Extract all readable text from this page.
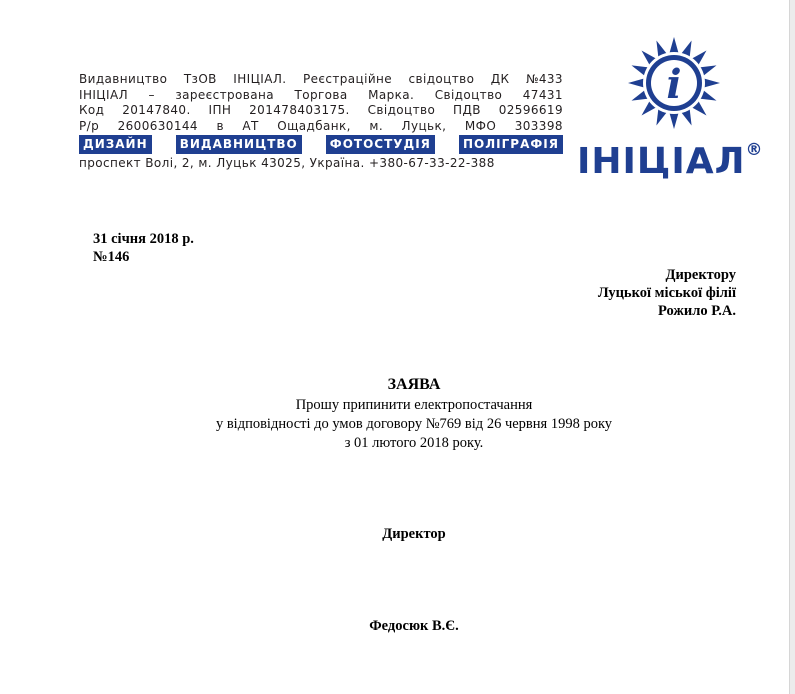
Видавництво ТзОВ ІНІЦІАЛ. Реєстраційне свідоцтво ДК №433
ІНІЦІАЛ – зареєстрована Торгова Марка. Свідоцтво 47431
Код 20147840. ІПН 201478403175. Свідоцтво ПДВ 02596619
Р/р 2600630144 в АТ Ощадбанк, м. Луцьк, МФО 303398
ДИЗАЙН	ВИДАВНИЦТВО	ФОТОСТУДІЯ	ПОЛІГРАФІЯ
проспект Волі, 2, м. Луцьк 43025, Україна. +380-67-33-22-388
і
ІНІЦІАЛ®
31 січня 2018 р.
№146
Директору
Луцької міської філії
Рожило Р.А.
ЗАЯВА
Прошу припинити електропостачання
у відповідності до умов договору №769 від 26 червня 1998 року
з 01 лютого 2018 року.
Директор
Федосюк В.Є.
